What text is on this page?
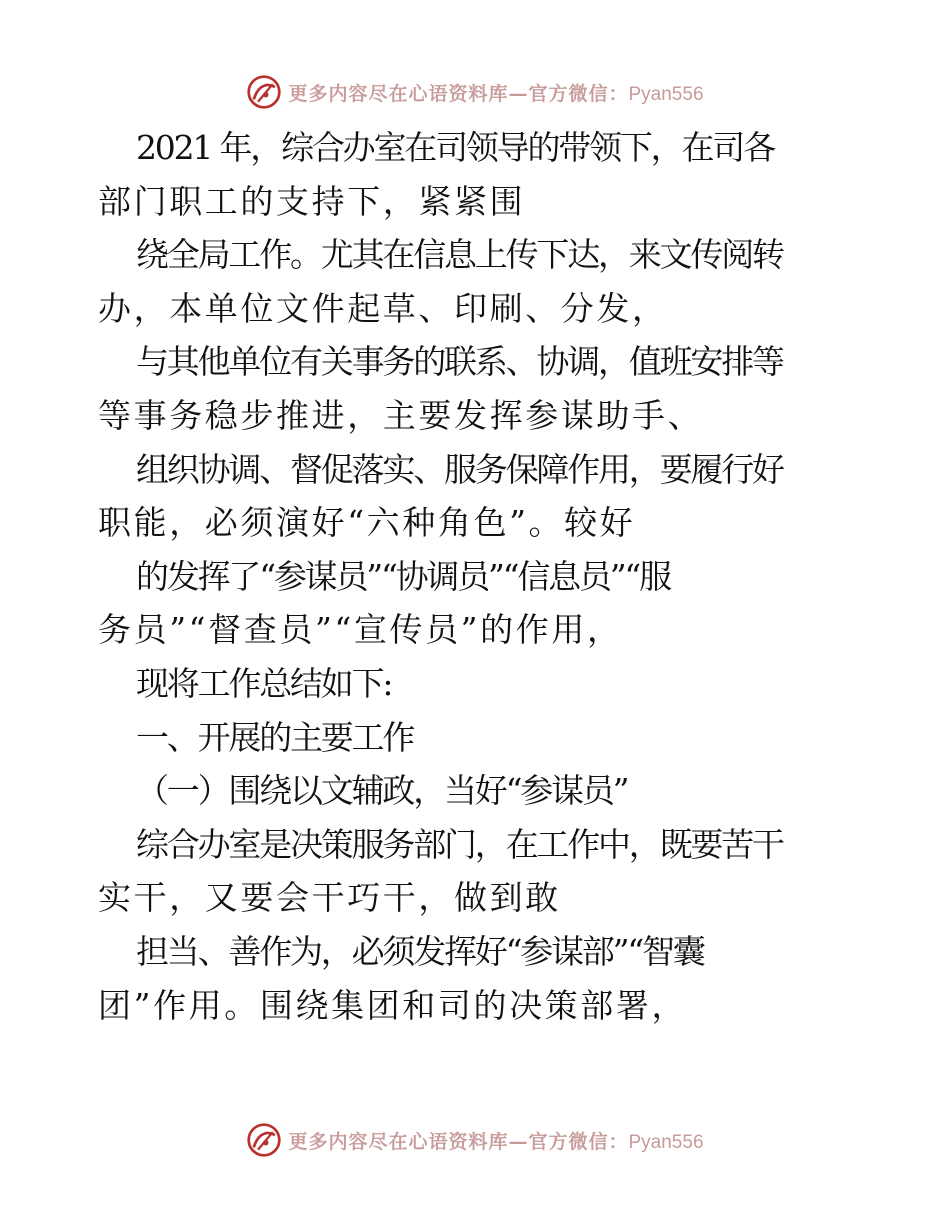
更多内容尽在心语资料库—官方微信：Pyan556
2021 年，综合办室在司领导的带领下，在司各
部门职工的支持下，紧紧围
绕全局工作。尤其在信息上传下达，来文传阅转
办，本单位文件起草、印刷、分发，
与其他单位有关事务的联系、协调，值班安排等
等事务稳步推进，主要发挥参谋助手、
组织协调、督促落实、服务保障作用，要履行好
职能，必须演好“六种角色”。较好
的发挥了“参谋员”“协调员”“信息员”“服
务员”“督查员”“宣传员”的作用，
现将工作总结如下:
一、开展的主要工作
（一）围绕以文辅政，当好“参谋员”
综合办室是决策服务部门，在工作中，既要苦干
实干，又要会干巧干，做到敢
担当、善作为，必须发挥好“参谋部”“智囊
团”作用。围绕集团和司的决策部署，
更多内容尽在心语资料库—官方微信：Pyan556
